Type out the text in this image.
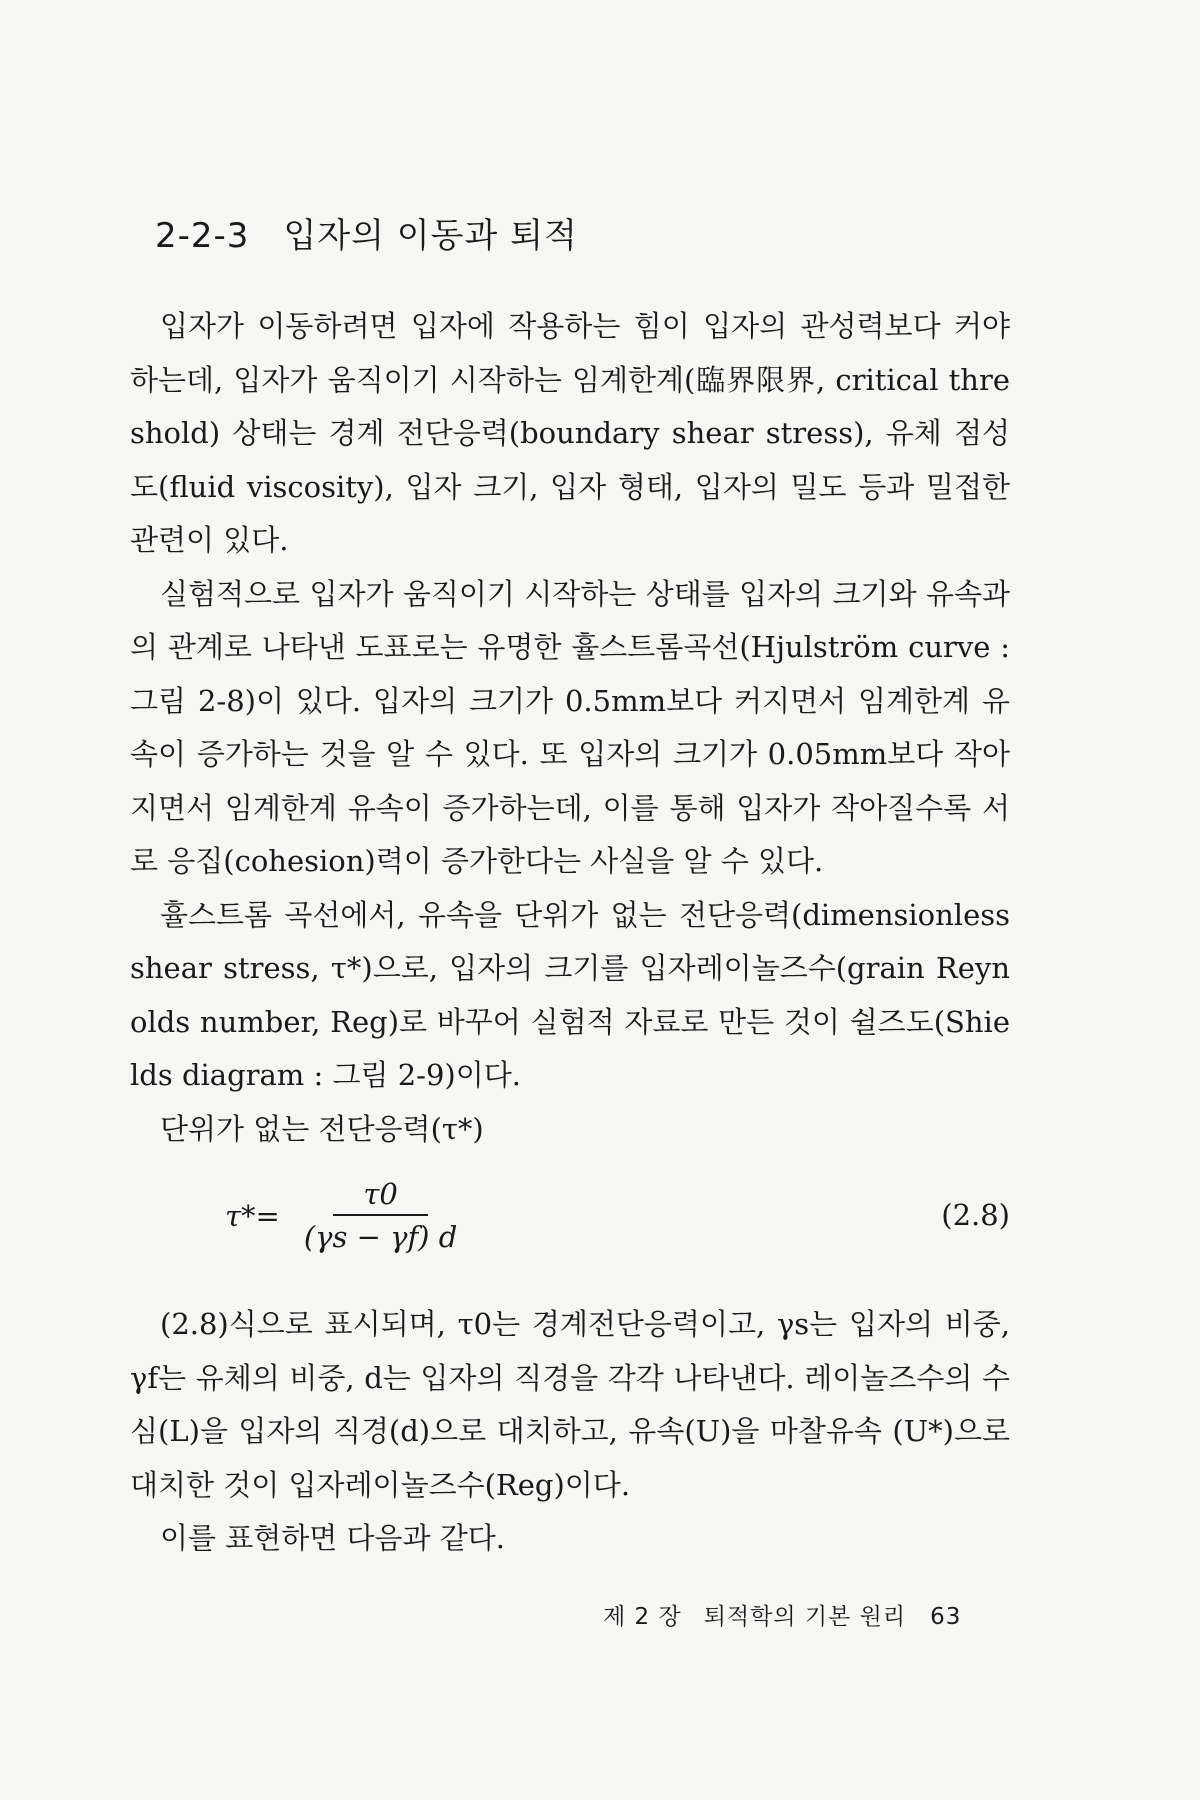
2-2-3 입자의 이동과 퇴적

입자가 이동하려면 입자에 작용하는 힘이 입자의 관성력보다 커야 하는데, 입자가 움직이기 시작하는 임계한계(臨界限界, critical threshold) 상태는 경계 전단응력(boundary shear stress), 유체 점성도(fluid viscosity), 입자 크기, 입자 형태, 입자의 밀도 등과 밀접한 관련이 있다.

실험적으로 입자가 움직이기 시작하는 상태를 입자의 크기와 유속과의 관계로 나타낸 도표로는 유명한 휼스트롬곡선(Hjulström curve : 그림 2-8)이 있다. 입자의 크기가 0.5mm보다 커지면서 임계한계 유속이 증가하는 것을 알 수 있다. 또 입자의 크기가 0.05mm보다 작아지면서 임계한계 유속이 증가하는데, 이를 통해 입자가 작아질수록 서로 응집(cohesion)력이 증가한다는 사실을 알 수 있다.

휼스트롬 곡선에서, 유속을 단위가 없는 전단응력(dimensionless shear stress, τ*)으로, 입자의 크기를 입자레이놀즈수(grain Reynolds number, Reg)로 바꾸어 실험적 자료로 만든 것이 쉴즈도(Shields diagram : 그림 2-9)이다.

단위가 없는 전단응력(τ*)

$\tau*= \frac{\tau 0}{(\gamma s - \gamma f) d}$	(2.8)

(2.8)식으로 표시되며, τ0는 경계전단응력이고, γs는 입자의 비중, γf는 유체의 비중, d는 입자의 직경을 각각 나타낸다. 레이놀즈수의 수심(L)을 입자의 직경(d)으로 대치하고, 유속(U)을 마찰유속 (U*)으로 대치한 것이 입자레이놀즈수(Reg)이다.

이를 표현하면 다음과 같다.

제 2 장 퇴적학의 기본 원리 63
